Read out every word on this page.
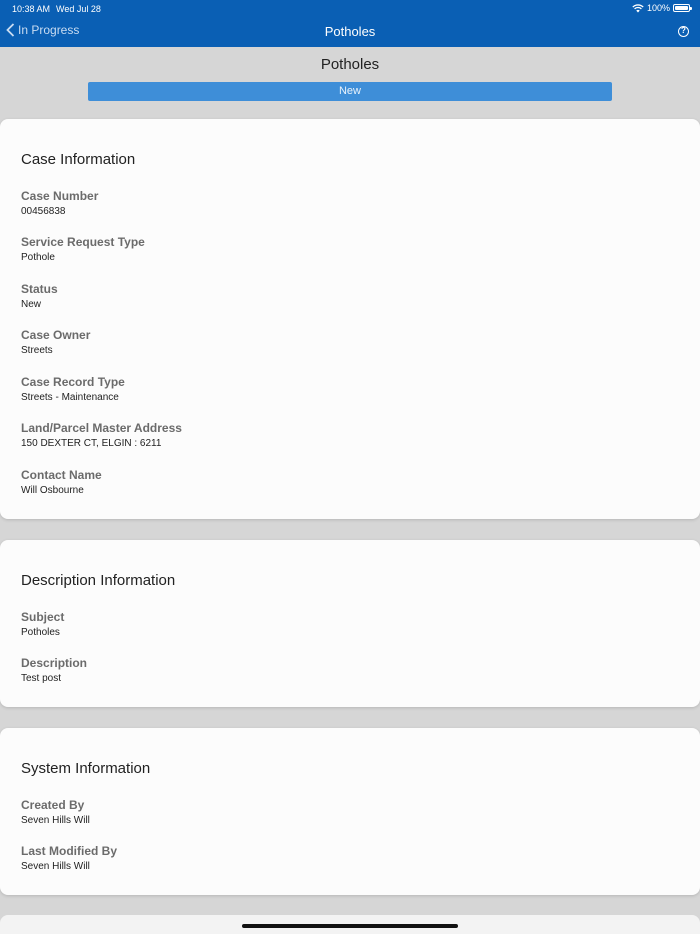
10:38 AM Wed Jul 28	100%
In Progress	Potholes	?
Potholes
New
Case Information
Case Number
00456838
Service Request Type
Pothole
Status
New
Case Owner
Streets
Case Record Type
Streets - Maintenance
Land/Parcel Master Address
150 DEXTER CT, ELGIN : 6211
Contact Name
Will Osbourne
Description Information
Subject
Potholes
Description
Test post
System Information
Created By
Seven Hills Will
Last Modified By
Seven Hills Will
